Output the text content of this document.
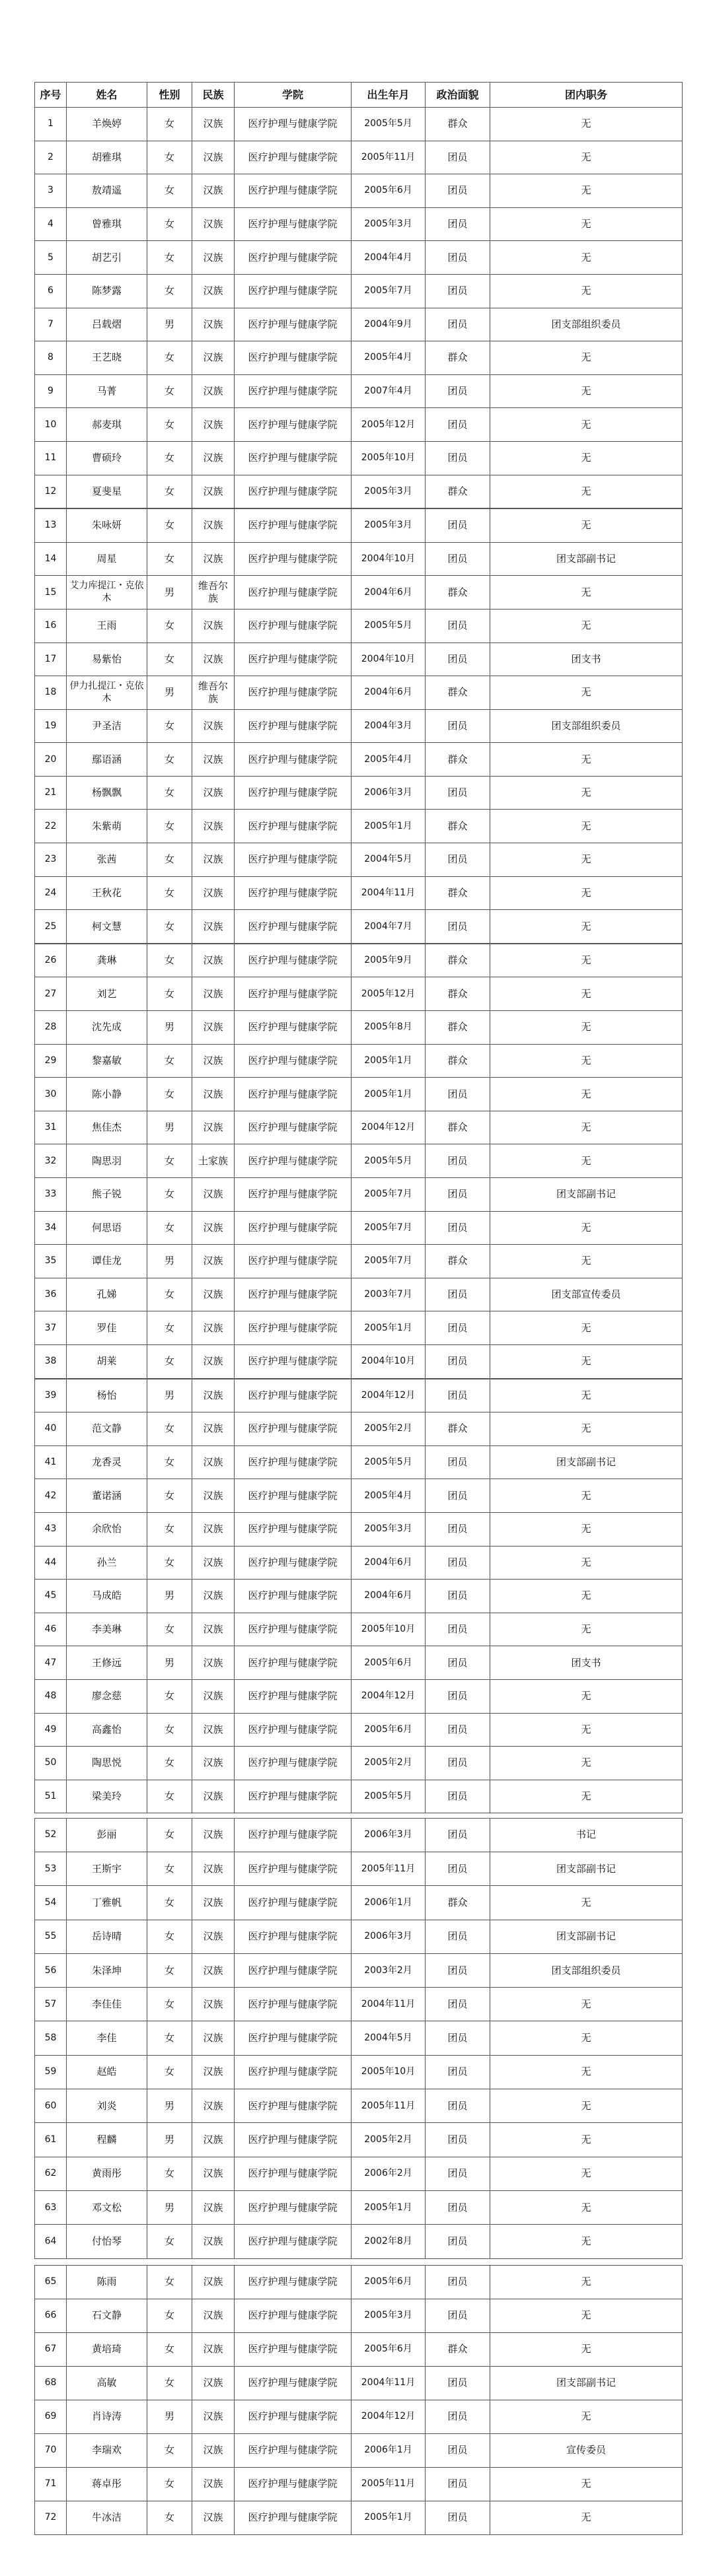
序号	姓名	性别	民族	学院	出生年月	政治面貌	团内职务
1	羊焕婷	女	汉族	医疗护理与健康学院	2005年5月	群众	无
2	胡雅琪	女	汉族	医疗护理与健康学院	2005年11月	团员	无
3	敖靖遥	女	汉族	医疗护理与健康学院	2005年6月	团员	无
4	曾雅琪	女	汉族	医疗护理与健康学院	2005年3月	团员	无
5	胡艺引	女	汉族	医疗护理与健康学院	2004年4月	团员	无
6	陈梦露	女	汉族	医疗护理与健康学院	2005年7月	团员	无
7	吕载熠	男	汉族	医疗护理与健康学院	2004年9月	团员	团支部组织委员
8	王艺晓	女	汉族	医疗护理与健康学院	2005年4月	群众	无
9	马菁	女	汉族	医疗护理与健康学院	2007年4月	团员	无
10	郝麦琪	女	汉族	医疗护理与健康学院	2005年12月	团员	无
11	曹硕玲	女	汉族	医疗护理与健康学院	2005年10月	团员	无
12	夏斐星	女	汉族	医疗护理与健康学院	2005年3月	群众	无
13	朱咏妍	女	汉族	医疗护理与健康学院	2005年3月	团员	无
14	周星	女	汉族	医疗护理与健康学院	2004年10月	团员	团支部副书记
15	艾力库提江・克依木	男	维吾尔族	医疗护理与健康学院	2004年6月	群众	无
16	王雨	女	汉族	医疗护理与健康学院	2005年5月	团员	无
17	易紫怡	女	汉族	医疗护理与健康学院	2004年10月	团员	团支书
18	伊力扎提江・克依木	男	维吾尔族	医疗护理与健康学院	2004年6月	群众	无
19	尹圣洁	女	汉族	医疗护理与健康学院	2004年3月	团员	团支部组织委员
20	鄢语涵	女	汉族	医疗护理与健康学院	2005年4月	群众	无
21	杨飘飘	女	汉族	医疗护理与健康学院	2006年3月	团员	无
22	朱紫萌	女	汉族	医疗护理与健康学院	2005年1月	群众	无
23	张茜	女	汉族	医疗护理与健康学院	2004年5月	团员	无
24	王秋花	女	汉族	医疗护理与健康学院	2004年11月	群众	无
25	柯文慧	女	汉族	医疗护理与健康学院	2004年7月	团员	无
26	龚琳	女	汉族	医疗护理与健康学院	2005年9月	群众	无
27	刘艺	女	汉族	医疗护理与健康学院	2005年12月	群众	无
28	沈先成	男	汉族	医疗护理与健康学院	2005年8月	群众	无
29	黎嘉敏	女	汉族	医疗护理与健康学院	2005年1月	群众	无
30	陈小静	女	汉族	医疗护理与健康学院	2005年1月	团员	无
31	焦佳杰	男	汉族	医疗护理与健康学院	2004年12月	群众	无
32	陶思羽	女	土家族	医疗护理与健康学院	2005年5月	团员	无
33	熊子锐	女	汉族	医疗护理与健康学院	2005年7月	团员	团支部副书记
34	何思语	女	汉族	医疗护理与健康学院	2005年7月	团员	无
35	谭佳龙	男	汉族	医疗护理与健康学院	2005年7月	群众	无
36	孔娣	女	汉族	医疗护理与健康学院	2003年7月	团员	团支部宣传委员
37	罗佳	女	汉族	医疗护理与健康学院	2005年1月	团员	无
38	胡莱	女	汉族	医疗护理与健康学院	2004年10月	团员	无
39	杨怡	男	汉族	医疗护理与健康学院	2004年12月	团员	无
40	范文静	女	汉族	医疗护理与健康学院	2005年2月	群众	无
41	龙香灵	女	汉族	医疗护理与健康学院	2005年5月	团员	团支部副书记
42	董诺涵	女	汉族	医疗护理与健康学院	2005年4月	团员	无
43	余欣怡	女	汉族	医疗护理与健康学院	2005年3月	团员	无
44	孙兰	女	汉族	医疗护理与健康学院	2004年6月	团员	无
45	马成皓	男	汉族	医疗护理与健康学院	2004年6月	团员	无
46	李美琳	女	汉族	医疗护理与健康学院	2005年10月	团员	无
47	王修远	男	汉族	医疗护理与健康学院	2005年6月	团员	团支书
48	廖念慈	女	汉族	医疗护理与健康学院	2004年12月	团员	无
49	高鑫怡	女	汉族	医疗护理与健康学院	2005年6月	团员	无
50	陶思悦	女	汉族	医疗护理与健康学院	2005年2月	团员	无
51	梁美玲	女	汉族	医疗护理与健康学院	2005年5月	团员	无
52	彭丽	女	汉族	医疗护理与健康学院	2006年3月	团员	书记
53	王斯宇	女	汉族	医疗护理与健康学院	2005年11月	团员	团支部副书记
54	丁雅帆	女	汉族	医疗护理与健康学院	2006年1月	群众	无
55	岳诗晴	女	汉族	医疗护理与健康学院	2006年3月	团员	团支部副书记
56	朱泽坤	女	汉族	医疗护理与健康学院	2003年2月	团员	团支部组织委员
57	李佳佳	女	汉族	医疗护理与健康学院	2004年11月	团员	无
58	李佳	女	汉族	医疗护理与健康学院	2004年5月	团员	无
59	赵皓	女	汉族	医疗护理与健康学院	2005年10月	团员	无
60	刘炎	男	汉族	医疗护理与健康学院	2005年11月	团员	无
61	程麟	男	汉族	医疗护理与健康学院	2005年2月	团员	无
62	黄雨彤	女	汉族	医疗护理与健康学院	2006年2月	团员	无
63	邓文松	男	汉族	医疗护理与健康学院	2005年1月	团员	无
64	付怡琴	女	汉族	医疗护理与健康学院	2002年8月	团员	无
65	陈雨	女	汉族	医疗护理与健康学院	2005年6月	团员	无
66	石文静	女	汉族	医疗护理与健康学院	2005年3月	团员	无
67	黄培琦	女	汉族	医疗护理与健康学院	2005年6月	群众	无
68	高敏	女	汉族	医疗护理与健康学院	2004年11月	团员	团支部副书记
69	肖诗涛	男	汉族	医疗护理与健康学院	2004年12月	团员	无
70	李瑞欢	女	汉族	医疗护理与健康学院	2006年1月	团员	宣传委员
71	蒋卓彤	女	汉族	医疗护理与健康学院	2005年11月	团员	无
72	牛冰洁	女	汉族	医疗护理与健康学院	2005年1月	团员	无
